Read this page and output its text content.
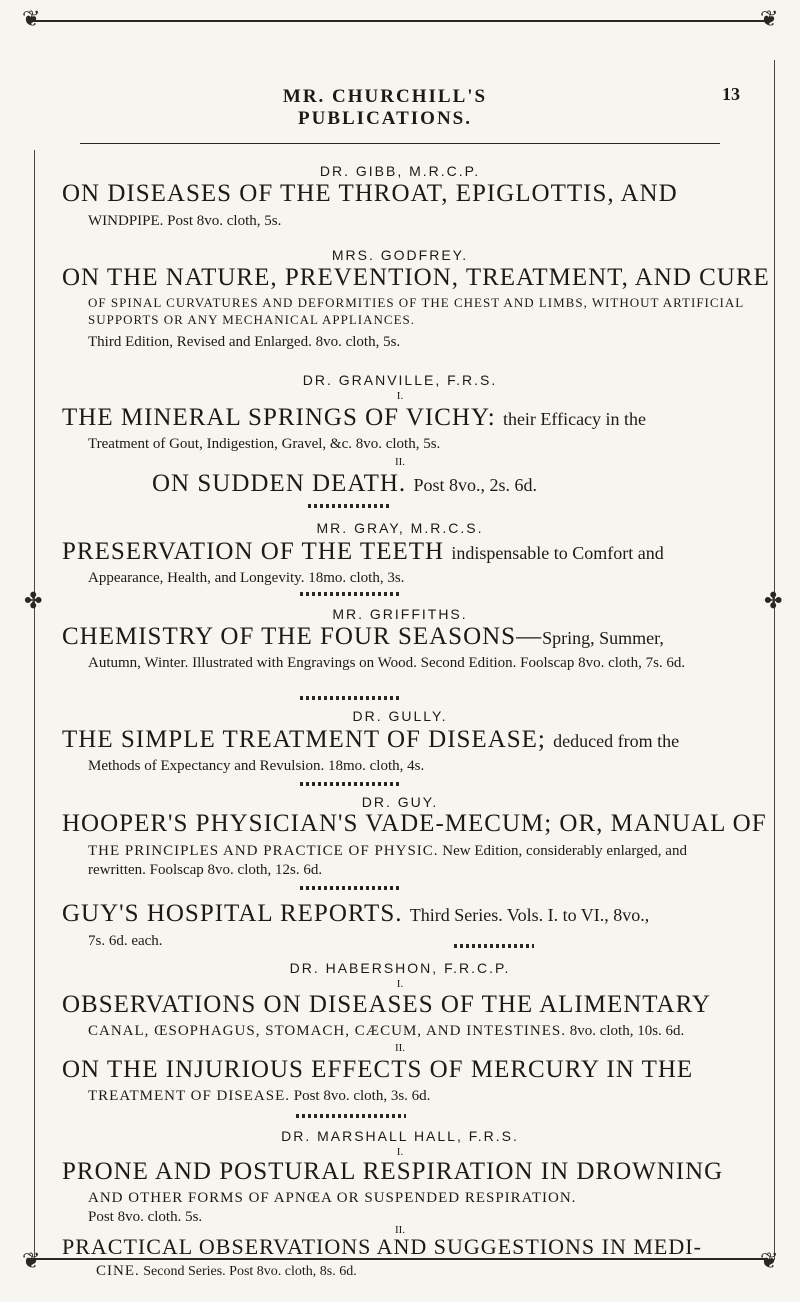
❦	❦
❦	❦
✤	✤
MR. CHURCHILL'S PUBLICATIONS.
13
DR. GIBB, M.R.C.P.
ON DISEASES OF THE THROAT, EPIGLOTTIS, AND
WINDPIPE. Post 8vo. cloth, 5s.
MRS. GODFREY.
ON THE NATURE, PREVENTION, TREATMENT, AND CURE
OF SPINAL CURVATURES AND DEFORMITIES OF THE CHEST AND LIMBS, WITHOUT ARTIFICIAL SUPPORTS OR ANY MECHANICAL APPLIANCES.
Third Edition, Revised and Enlarged. 8vo. cloth, 5s.
DR. GRANVILLE, F.R.S.
I.
THE MINERAL SPRINGS OF VICHY: their Efficacy in the
Treatment of Gout, Indigestion, Gravel, &c. 8vo. cloth, 5s.
II.
ON SUDDEN DEATH. Post 8vo., 2s. 6d.
MR. GRAY, M.R.C.S.
PRESERVATION OF THE TEETH indispensable to Comfort and
Appearance, Health, and Longevity. 18mo. cloth, 3s.
MR. GRIFFITHS.
CHEMISTRY OF THE FOUR SEASONS—Spring, Summer,
Autumn, Winter. Illustrated with Engravings on Wood. Second Edition. Foolscap 8vo. cloth, 7s. 6d.
DR. GULLY.
THE SIMPLE TREATMENT OF DISEASE; deduced from the
Methods of Expectancy and Revulsion. 18mo. cloth, 4s.
DR. GUY.
HOOPER'S PHYSICIAN'S VADE-MECUM; OR, MANUAL OF
THE PRINCIPLES AND PRACTICE OF PHYSIC. New Edition, considerably enlarged, and rewritten. Foolscap 8vo. cloth, 12s. 6d.
GUY'S HOSPITAL REPORTS. Third Series. Vols. I. to VI., 8vo.,
7s. 6d. each.
DR. HABERSHON, F.R.C.P.
I.
OBSERVATIONS ON DISEASES OF THE ALIMENTARY
CANAL, ŒSOPHAGUS, STOMACH, CÆCUM, AND INTESTINES. 8vo. cloth, 10s. 6d.
II.
ON THE INJURIOUS EFFECTS OF MERCURY IN THE
TREATMENT OF DISEASE. Post 8vo. cloth, 3s. 6d.
DR. MARSHALL HALL, F.R.S.
I.
PRONE AND POSTURAL RESPIRATION IN DROWNING
AND OTHER FORMS OF APNŒA OR SUSPENDED RESPIRATION.
Post 8vo. cloth. 5s.
II.
PRACTICAL OBSERVATIONS AND SUGGESTIONS IN MEDI-
CINE. Second Series. Post 8vo. cloth, 8s. 6d.
